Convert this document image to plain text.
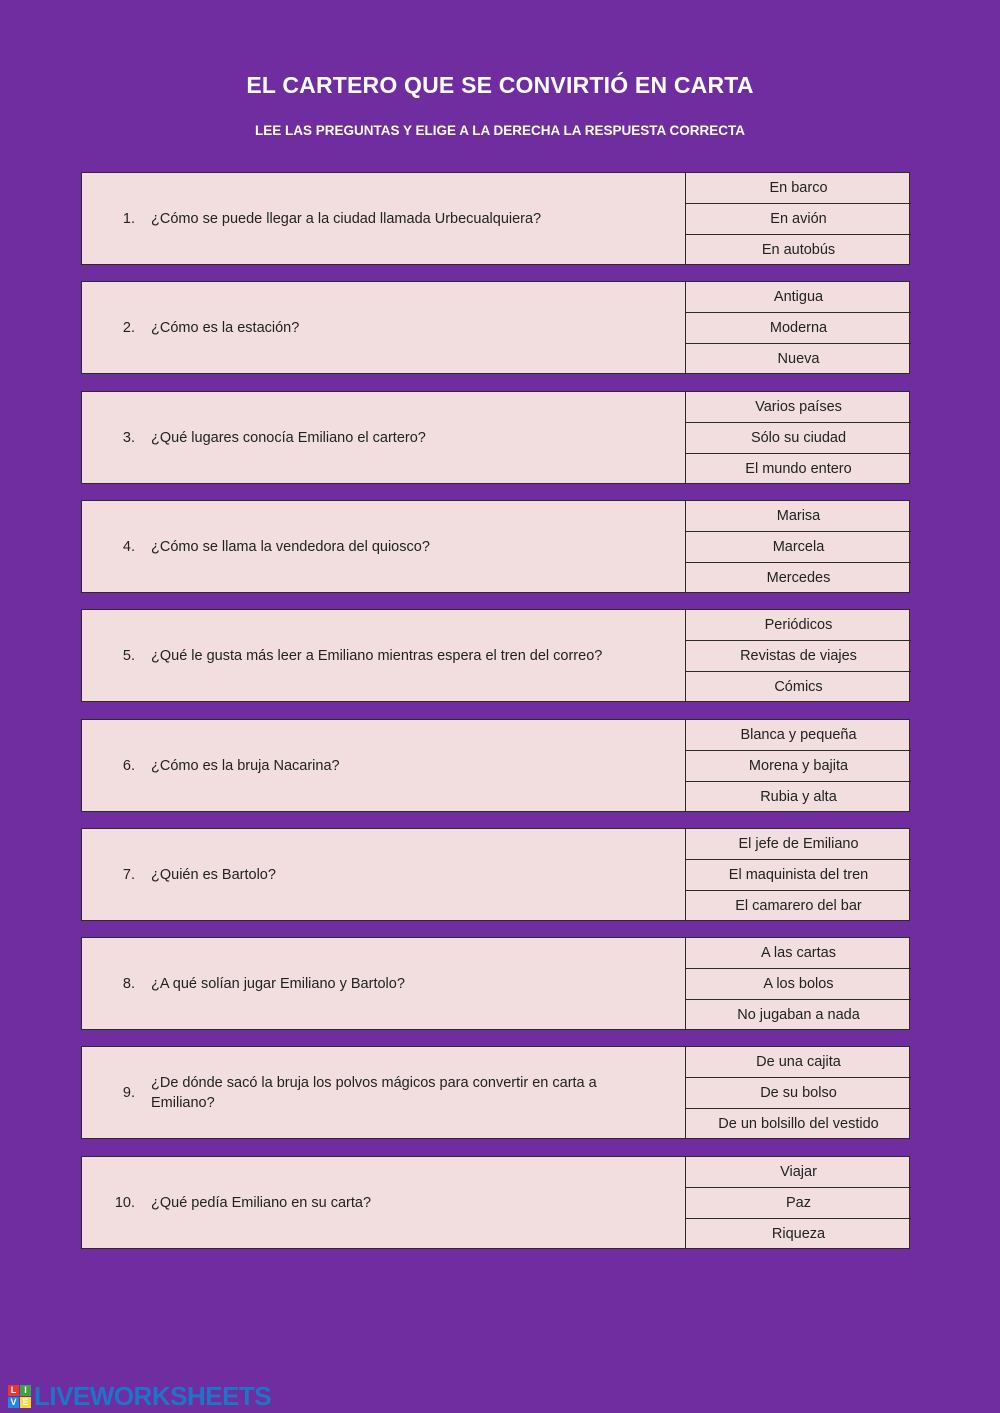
EL CARTERO QUE SE CONVIRTIÓ EN CARTA
LEE LAS PREGUNTAS Y ELIGE A LA DERECHA LA RESPUESTA CORRECTA
1.	¿Cómo se puede llegar a la ciudad llamada Urbecualquiera?
En barco
En avión
En autobús
2.	¿Cómo es la estación?
Antigua
Moderna
Nueva
3.	¿Qué lugares conocía Emiliano el cartero?
Varios países
Sólo su ciudad
El mundo entero
4.	¿Cómo se llama la vendedora del quiosco?
Marisa
Marcela
Mercedes
5.	¿Qué le gusta más leer a Emiliano mientras espera el tren del correo?
Periódicos
Revistas de viajes
Cómics
6.	¿Cómo es la bruja Nacarina?
Blanca y pequeña
Morena y bajita
Rubia y alta
7.	¿Quién es Bartolo?
El jefe de Emiliano
El maquinista del tren
El camarero del bar
8.	¿A qué solían jugar Emiliano y Bartolo?
A las cartas
A los bolos
No jugaban a nada
9.
¿De dónde sacó la bruja los polvos mágicos para convertir en carta a Emiliano?
De una cajita
De su bolso
De un bolsillo del vestido
10.	¿Qué pedía Emiliano en su carta?
Viajar
Paz
Riqueza
L I
V E LIVEWORKSHEETS
